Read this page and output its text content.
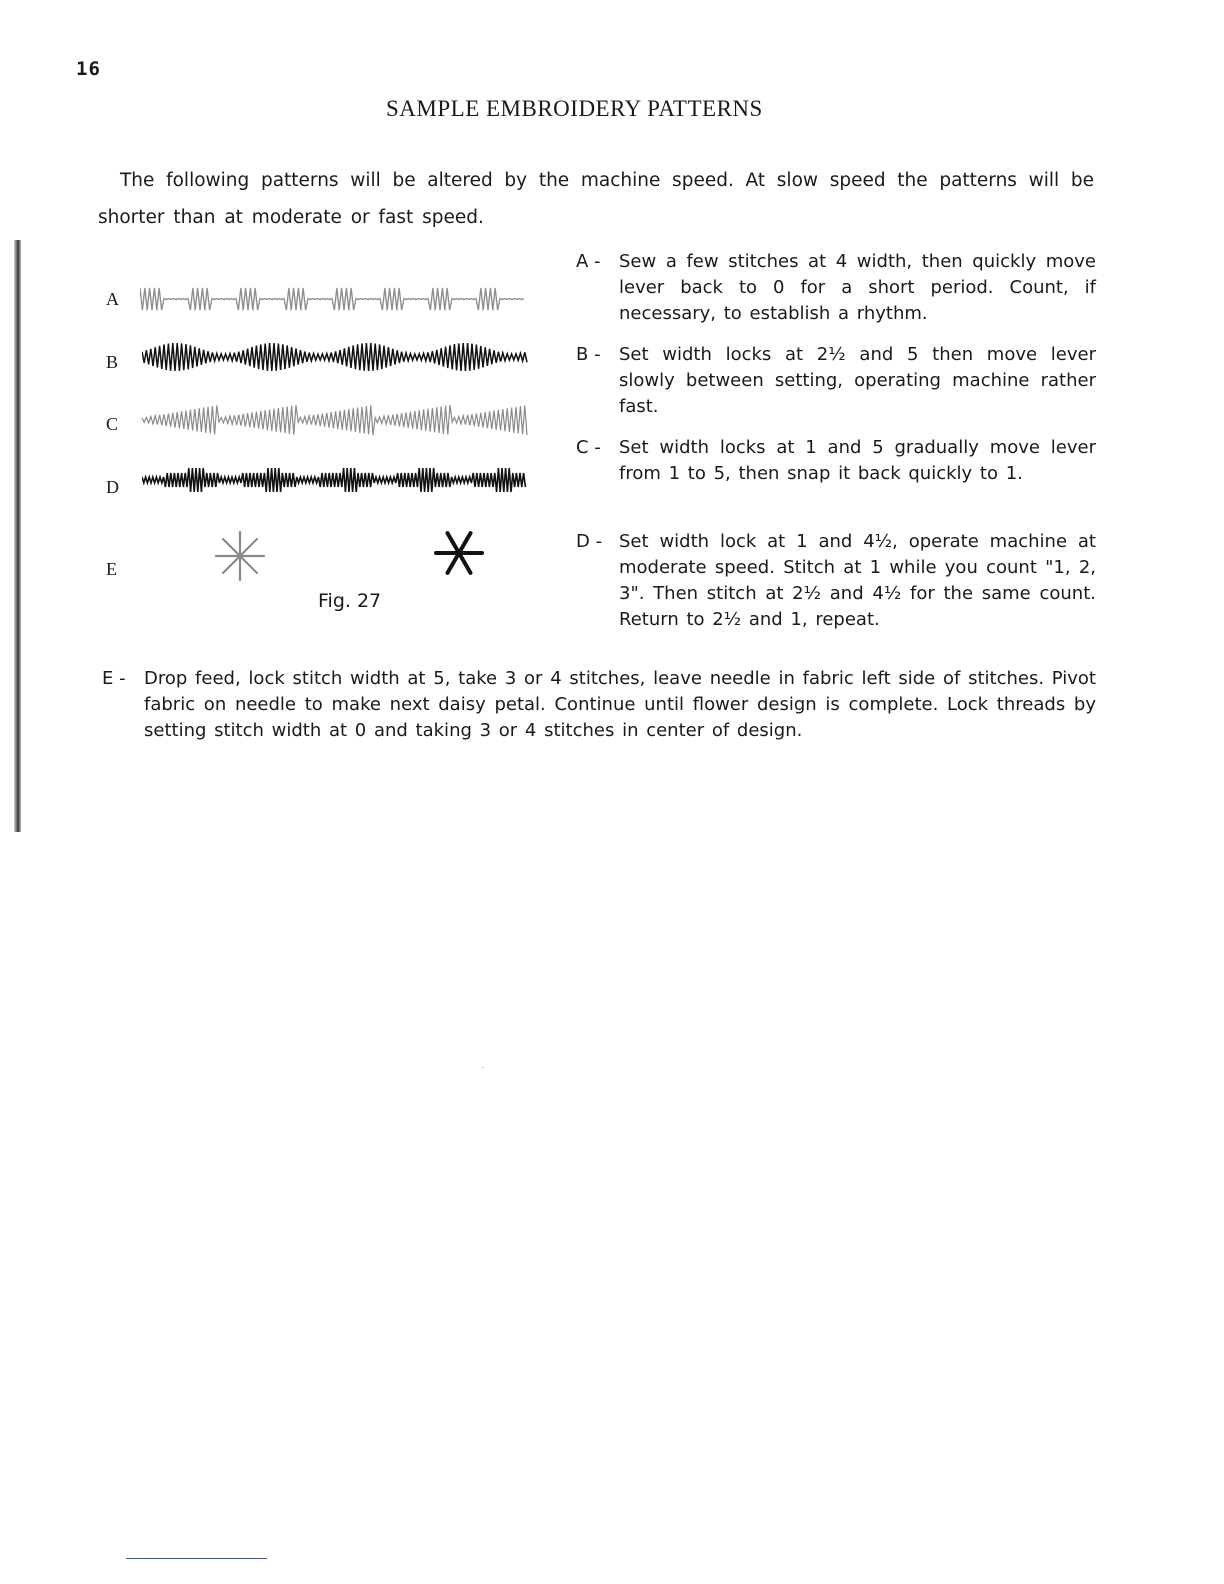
16
SAMPLE EMBROIDERY PATTERNS
The following patterns will be altered by the machine speed. At slow speed the patterns will be shorter than at moderate or fast speed.
A
B
C
D
E
Fig. 27
A - Sew a few stitches at 4 width, then quickly move lever back to 0 for a short period. Count, if necessary, to establish a rhythm.
B - Set width locks at 2½ and 5 then move lever slowly between setting, operating machine rather fast.
C - Set width locks at 1 and 5 gradually move lever from 1 to 5, then snap it back quickly to 1.
D - Set width lock at 1 and 4½, operate machine at moderate speed. Stitch at 1 while you count "1, 2, 3". Then stitch at 2½ and 4½ for the same count. Return to 2½ and 1, repeat.
E - Drop feed, lock stitch width at 5, take 3 or 4 stitches, leave needle in fabric left side of stitches. Pivot fabric on needle to make next daisy petal. Continue until flower design is complete. Lock threads by setting stitch width at 0 and taking 3 or 4 stitches in center of design.
